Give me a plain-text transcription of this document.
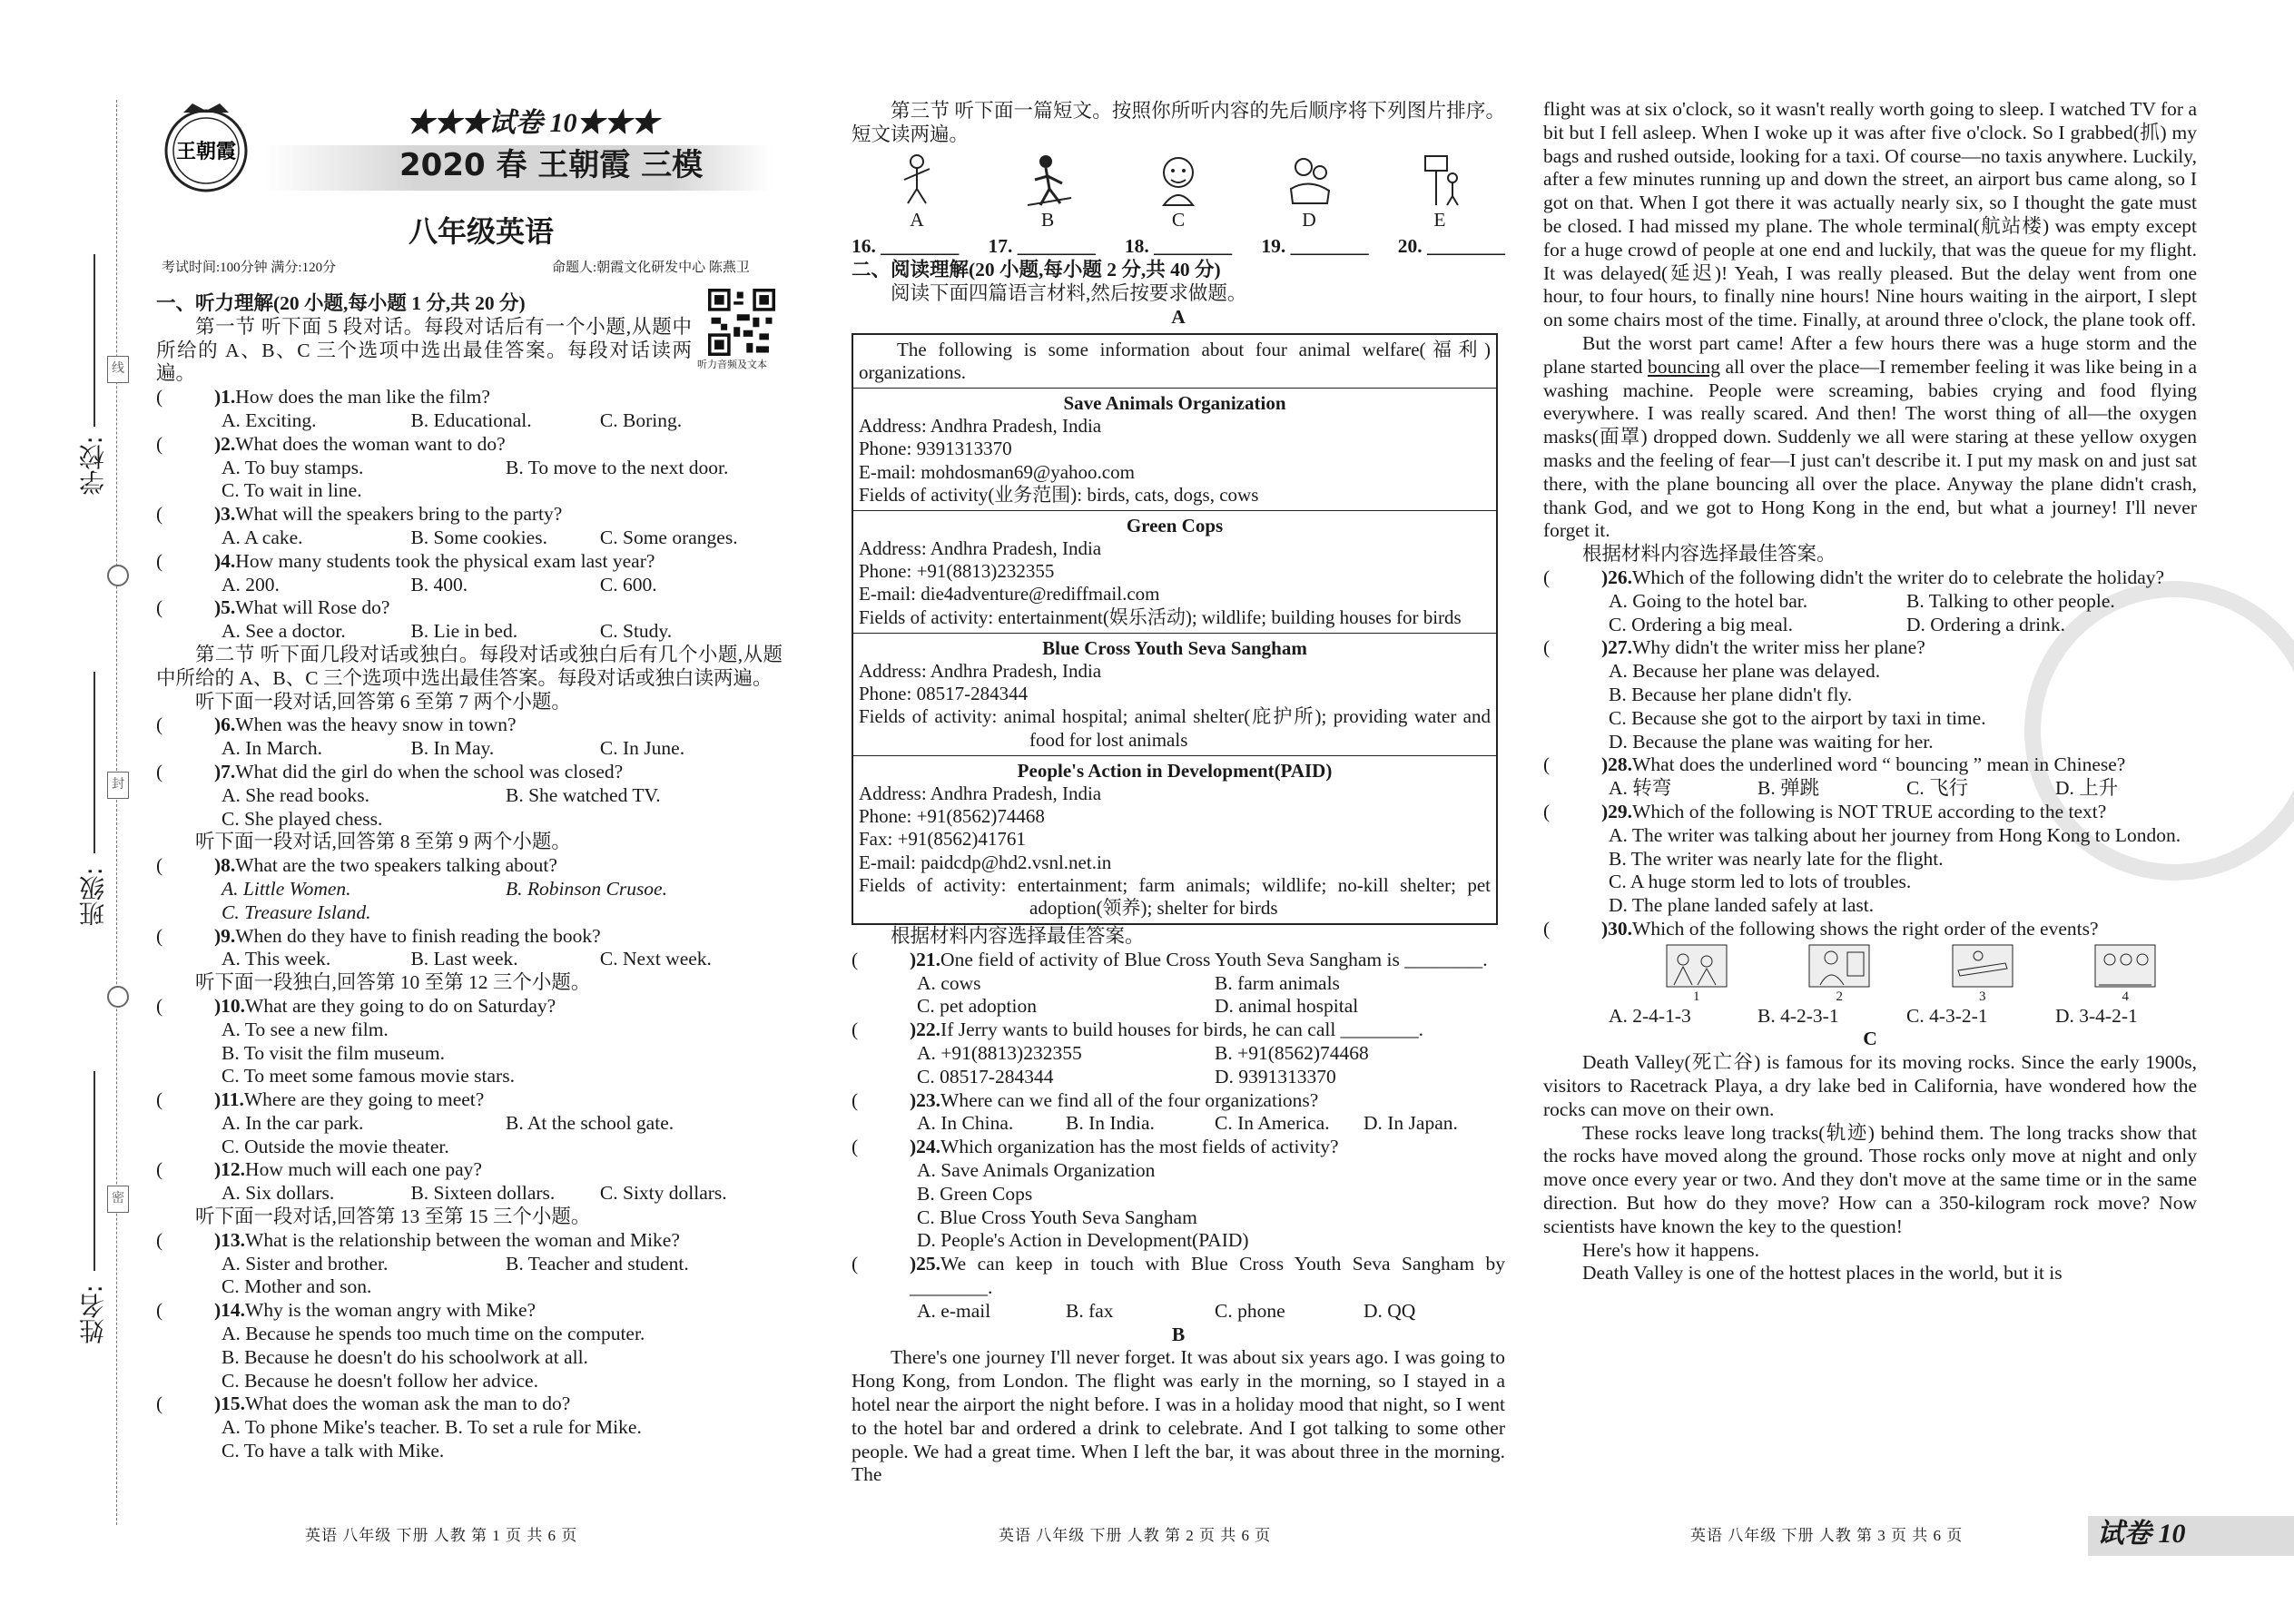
学校:
班级:
姓名:
线
封
密
王朝霞
★★★试卷 10★★★
2020 春 王朝霞 三模
八年级英语
考试时间:100分钟 满分:120分	命题人:朝霞文化研发中心 陈燕卫
听力音频及文本

一、听力理解(20 小题,每小题 1 分,共 20 分)

第一节 听下面 5 段对话。每段对话后有一个小题,从题中所给的 A、B、C 三个选项中选出最佳答案。每段对话读两遍。

(	)1.How does the man like the film?
A. Exciting.	B. Educational.	C. Boring.
(	)2.What does the woman want to do?
A. To buy stamps.	B. To move to the next door.
C. To wait in line.
(	)3.What will the speakers bring to the party?
A. A cake.	B. Some cookies.	C. Some oranges.
(	)4.How many students took the physical exam last year?
A. 200.	B. 400.	C. 600.
(	)5.What will Rose do?
A. See a doctor.	B. Lie in bed.	C. Study.

第二节 听下面几段对话或独白。每段对话或独白后有几个小题,从题中所给的 A、B、C 三个选项中选出最佳答案。每段对话或独白读两遍。

听下面一段对话,回答第 6 至第 7 两个小题。

(	)6.When was the heavy snow in town?
A. In March.	B. In May.	C. In June.
(	)7.What did the girl do when the school was closed?
A. She read books.	B. She watched TV.
C. She played chess.

听下面一段对话,回答第 8 至第 9 两个小题。

(	)8.What are the two speakers talking about?
A. Little Women.	B. Robinson Crusoe.
C. Treasure Island.
(	)9.When do they have to finish reading the book?
A. This week.	B. Last week.	C. Next week.

听下面一段独白,回答第 10 至第 12 三个小题。

(	)10.What are they going to do on Saturday?
A. To see a new film.
B. To visit the film museum.
C. To meet some famous movie stars.
(	)11.Where are they going to meet?
A. In the car park.	B. At the school gate.
C. Outside the movie theater.
(	)12.How much will each one pay?
A. Six dollars.	B. Sixteen dollars.	C. Sixty dollars.

听下面一段对话,回答第 13 至第 15 三个小题。

(	)13.What is the relationship between the woman and Mike?
A. Sister and brother.	B. Teacher and student.
C. Mother and son.
(	)14.Why is the woman angry with Mike?
A. Because he spends too much time on the computer.
B. Because he doesn't do his schoolwork at all.
C. Because he doesn't follow her advice.
(	)15.What does the woman ask the man to do?
A. To phone Mike's teacher. B. To set a rule for Mike.
C. To have a talk with Mike.
英语 八年级 下册 人教 第 1 页 共 6 页

第三节 听下面一篇短文。按照你所听内容的先后顺序将下列图片排序。短文读两遍。

A	B	C	D	E
16. ________ 17. ________ 18. ________ 19. ________ 20. ________

二、阅读理解(20 小题,每小题 2 分,共 40 分)

阅读下面四篇语言材料,然后按要求做题。

A

The following is some information about four animal welfare(福利) organizations.

Save Animals Organization
Address: Andhra Pradesh, India
Phone: 9391313370
E-mail: mohdosman69@yahoo.com
Fields of activity(业务范围): birds, cats, dogs, cows

Green Cops
Address: Andhra Pradesh, India
Phone: +91(8813)232355
E-mail: die4adventure@rediffmail.com
Fields of activity: entertainment(娱乐活动); wildlife; building houses for birds

Blue Cross Youth Seva Sangham
Address: Andhra Pradesh, India
Phone: 08517-284344
Fields of activity: animal hospital; animal shelter(庇护所); providing water and food for lost animals

People's Action in Development(PAID)
Address: Andhra Pradesh, India
Phone: +91(8562)74468
Fax: +91(8562)41761
E-mail: paidcdp@hd2.vsnl.net.in
Fields of activity: entertainment; farm animals; wildlife; no-kill shelter; pet adoption(领养); shelter for birds

根据材料内容选择最佳答案。

(	)21.One field of activity of Blue Cross Youth Seva Sangham is ________.
A. cows	B. farm animals
C. pet adoption	D. animal hospital
(	)22.If Jerry wants to build houses for birds, he can call ________.
A. +91(8813)232355	B. +91(8562)74468
C. 08517-284344	D. 9391313370
(	)23.Where can we find all of the four organizations?
A. In China.	B. In India.	C. In America.	D. In Japan.
(	)24.Which organization has the most fields of activity?
A. Save Animals Organization
B. Green Cops
C. Blue Cross Youth Seva Sangham
D. People's Action in Development(PAID)
(	)25.We can keep in touch with Blue Cross Youth Seva Sangham by ________.
A. e-mail	B. fax	C. phone	D. QQ

B

There's one journey I'll never forget. It was about six years ago. I was going to Hong Kong, from London. The flight was early in the morning, so I stayed in a hotel near the airport the night before. I was in a holiday mood that night, so I went to the hotel bar and ordered a drink to celebrate. And I got talking to some other people. We had a great time. When I left the bar, it was about three in the morning. The

英语 八年级 下册 人教 第 2 页 共 6 页

flight was at six o'clock, so it wasn't really worth going to sleep. I watched TV for a bit but I fell asleep. When I woke up it was after five o'clock. So I grabbed(抓) my bags and rushed outside, looking for a taxi. Of course—no taxis anywhere. Luckily, after a few minutes running up and down the street, an airport bus came along, so I got on that. When I got there it was actually nearly six, so I thought the gate must be closed. I had missed my plane. The whole terminal(航站楼) was empty except for a huge crowd of people at one end and luckily, that was the queue for my flight. It was delayed(延迟)! Yeah, I was really pleased. But the delay went from one hour, to four hours, to finally nine hours! Nine hours waiting in the airport, I slept on some chairs most of the time. Finally, at around three o'clock, the plane took off.

But the worst part came! After a few hours there was a huge storm and the plane started bouncing all over the place—I remember feeling it was like being in a washing machine. People were screaming, babies crying and food flying everywhere. I was really scared. And then! The worst thing of all—the oxygen masks(面罩) dropped down. Suddenly we all were staring at these yellow oxygen masks and the feeling of fear—I just can't describe it. I put my mask on and just sat there, with the plane bouncing all over the place. Anyway the plane didn't crash, thank God, and we got to Hong Kong in the end, but what a journey! I'll never forget it.

根据材料内容选择最佳答案。

(	)26.Which of the following didn't the writer do to celebrate the holiday?
A. Going to the hotel bar.	B. Talking to other people.
C. Ordering a big meal.	D. Ordering a drink.
(	)27.Why didn't the writer miss her plane?
A. Because her plane was delayed.
B. Because her plane didn't fly.
C. Because she got to the airport by taxi in time.
D. Because the plane was waiting for her.
(	)28.What does the underlined word “ bouncing ” mean in Chinese?
A. 转弯	B. 弹跳	C. 飞行	D. 上升
(	)29.Which of the following is NOT TRUE according to the text?
A. The writer was talking about her journey from Hong Kong to London.
B. The writer was nearly late for the flight.
C. A huge storm led to lots of troubles.
D. The plane landed safely at last.
(	)30.Which of the following shows the right order of the events?
1	2	3	4
A. 2-4-1-3	B. 4-2-3-1	C. 4-3-2-1	D. 3-4-2-1

C

Death Valley(死亡谷) is famous for its moving rocks. Since the early 1900s, visitors to Racetrack Playa, a dry lake bed in California, have wondered how the rocks can move on their own.

These rocks leave long tracks(轨迹) behind them. The long tracks show that the rocks have moved along the ground. Those rocks only move at night and only move once every year or two. And they don't move at the same time or in the same direction. But how do they move? How can a 350-kilogram rock move? Now scientists have known the key to the question!

Here's how it happens.

Death Valley is one of the hottest places in the world, but it is

英语 八年级 下册 人教 第 3 页 共 6 页	试卷 10
